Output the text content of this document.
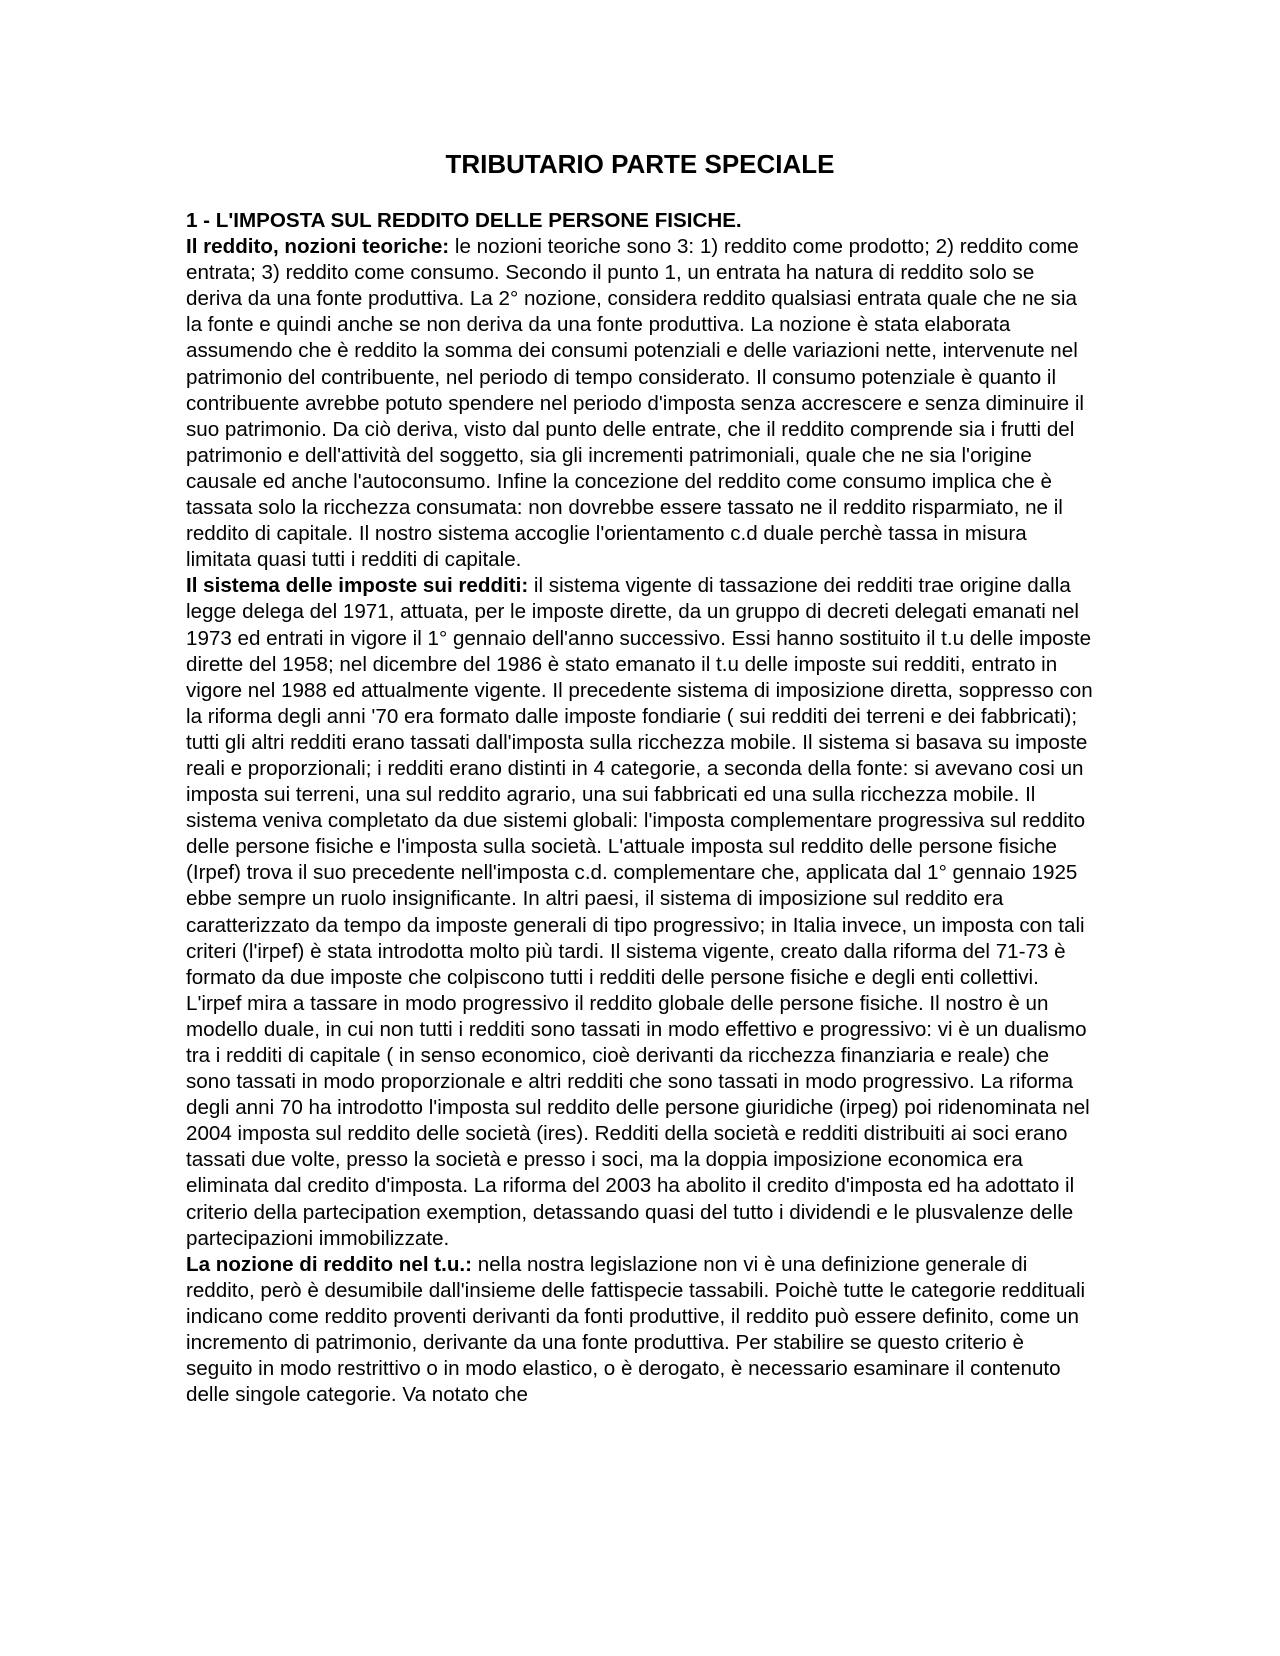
TRIBUTARIO PARTE SPECIALE

1 - L'IMPOSTA SUL REDDITO DELLE PERSONE FISICHE.

Il reddito, nozioni teoriche: le nozioni teoriche sono 3: 1) reddito come prodotto; 2) reddito come entrata; 3) reddito come consumo. Secondo il punto 1, un entrata ha natura di reddito solo se deriva da una fonte produttiva. La 2° nozione, considera reddito qualsiasi entrata quale che ne sia la fonte e quindi anche se non deriva da una fonte produttiva. La nozione è stata elaborata assumendo che è reddito la somma dei consumi potenziali e delle variazioni nette, intervenute nel patrimonio del contribuente, nel periodo di tempo considerato. Il consumo potenziale è quanto il contribuente avrebbe potuto spendere nel periodo d'imposta senza accrescere e senza diminuire il suo patrimonio. Da ciò deriva, visto dal punto delle entrate, che il reddito comprende sia i frutti del patrimonio e dell'attività del soggetto, sia gli incrementi patrimoniali, quale che ne sia l'origine causale ed anche l'autoconsumo. Infine la concezione del reddito come consumo implica che è tassata solo la ricchezza consumata: non dovrebbe essere tassato ne il reddito risparmiato, ne il reddito di capitale. Il nostro sistema accoglie l'orientamento c.d duale perchè tassa in misura limitata quasi tutti i redditi di capitale.

Il sistema delle imposte sui redditi: il sistema vigente di tassazione dei redditi trae origine dalla legge delega del 1971, attuata, per le imposte dirette, da un gruppo di decreti delegati emanati nel 1973 ed entrati in vigore il 1° gennaio dell'anno successivo. Essi hanno sostituito il t.u delle imposte dirette del 1958; nel dicembre del 1986 è stato emanato il t.u delle imposte sui redditi, entrato in vigore nel 1988 ed attualmente vigente. Il precedente sistema di imposizione diretta, soppresso con la riforma degli anni '70 era formato dalle imposte fondiarie ( sui redditi dei terreni e dei fabbricati); tutti gli altri redditi erano tassati dall'imposta sulla ricchezza mobile. Il sistema si basava su imposte reali e proporzionali; i redditi erano distinti in 4 categorie, a seconda della fonte: si avevano cosi un imposta sui terreni, una sul reddito agrario, una sui fabbricati ed una sulla ricchezza mobile. Il sistema veniva completato da due sistemi globali: l'imposta complementare progressiva sul reddito delle persone fisiche e l'imposta sulla società. L'attuale imposta sul reddito delle persone fisiche (Irpef) trova il suo precedente nell'imposta c.d. complementare che, applicata dal 1° gennaio 1925 ebbe sempre un ruolo insignificante. In altri paesi, il sistema di imposizione sul reddito era caratterizzato da tempo da imposte generali di tipo progressivo; in Italia invece, un imposta con tali criteri (l'irpef) è stata introdotta molto più tardi. Il sistema vigente, creato dalla riforma del 71-73 è formato da due imposte che colpiscono tutti i redditi delle persone fisiche e degli enti collettivi. L'irpef mira a tassare in modo progressivo il reddito globale delle persone fisiche. Il nostro è un modello duale, in cui non tutti i redditi sono tassati in modo effettivo e progressivo: vi è un dualismo tra i redditi di capitale ( in senso economico, cioè derivanti da ricchezza finanziaria e reale) che sono tassati in modo proporzionale e altri redditi che sono tassati in modo progressivo. La riforma degli anni 70 ha introdotto l'imposta sul reddito delle persone giuridiche (irpeg) poi ridenominata nel 2004 imposta sul reddito delle società (ires). Redditi della società e redditi distribuiti ai soci erano tassati due volte, presso la società e presso i soci, ma la doppia imposizione economica era eliminata dal credito d'imposta. La riforma del 2003 ha abolito il credito d'imposta ed ha adottato il criterio della partecipation exemption, detassando quasi del tutto i dividendi e le plusvalenze delle partecipazioni immobilizzate.

La nozione di reddito nel t.u.: nella nostra legislazione non vi è una definizione generale di reddito, però è desumibile dall'insieme delle fattispecie tassabili. Poichè tutte le categorie reddituali indicano come reddito proventi derivanti da fonti produttive, il reddito può essere definito, come un incremento di patrimonio, derivante da una fonte produttiva. Per stabilire se questo criterio è seguito in modo restrittivo o in modo elastico, o è derogato, è necessario esaminare il contenuto delle singole categorie. Va notato che
